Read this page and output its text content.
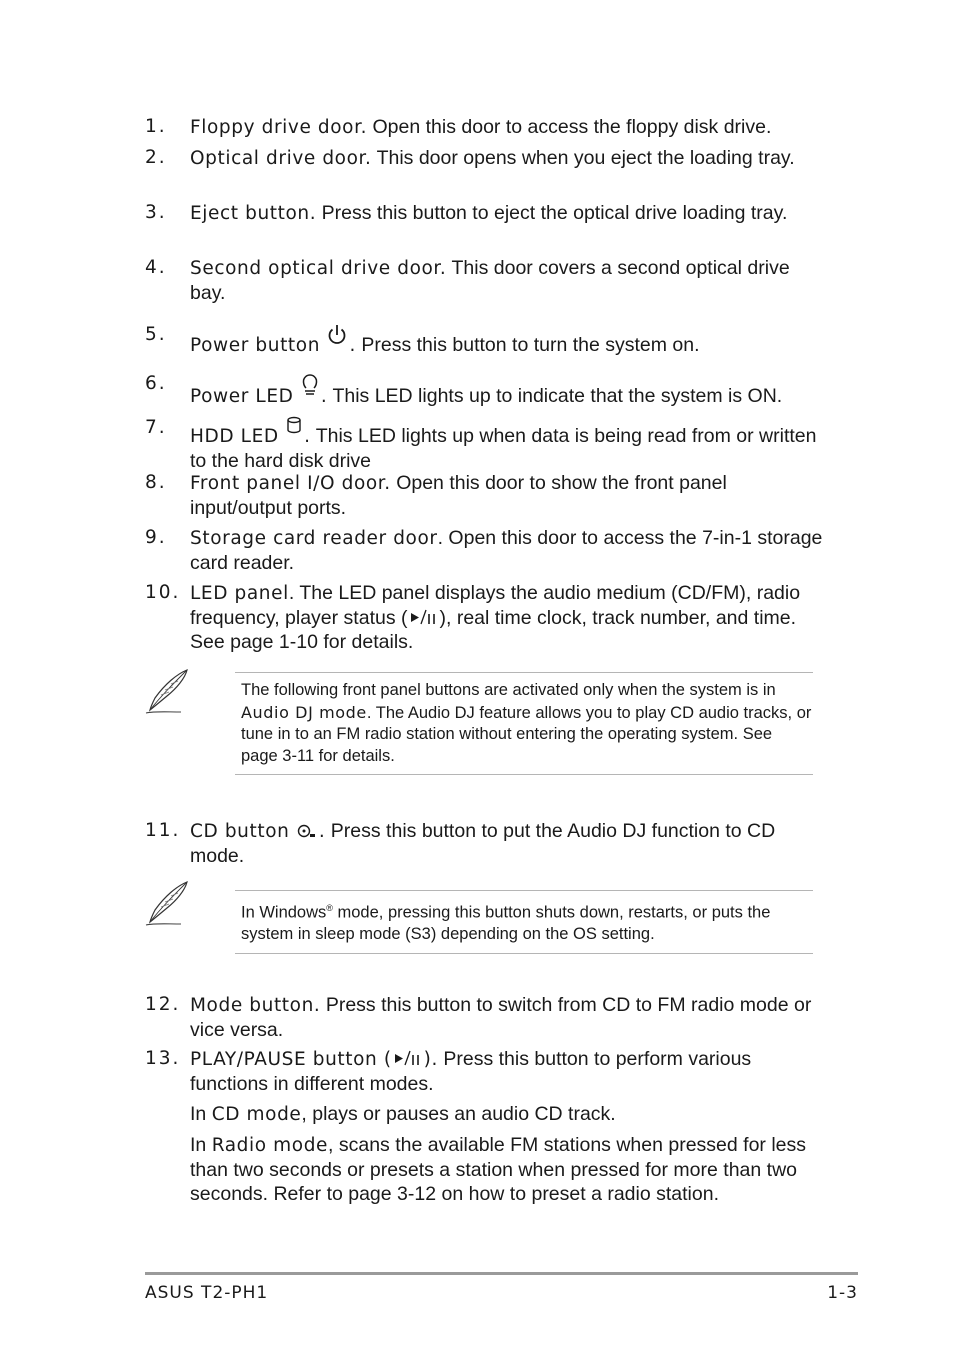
1. Floppy drive door. Open this door to access the floppy disk drive.
2. Optical drive door. This door opens when you eject the loading tray.
3. Eject button. Press this button to eject the optical drive loading tray.
4. Second optical drive door. This door covers a second optical drive bay.
5.
Power button . Press this button to turn the system on.
6.
Power LED . This LED lights up to indicate that the system is ON.
7. HDD LED . This LED lights up when data is being read from or written to the hard disk drive
8. Front panel I/O door. Open this door to show the front panel input/output ports.
9. Storage card reader door. Open this door to access the 7-in-1 storage card reader.
10. LED panel. The LED panel displays the audio medium (CD/FM), radio frequency, player status ( ), real time clock, track number, and time. See page 1-10 for details.
The following front panel buttons are activated only when the system is in Audio DJ mode. The Audio DJ feature allows you to play CD audio tracks, or tune in to an FM radio station without entering the operating system. See page 3-11 for details.
11. CD button . Press this button to put the Audio DJ function to CD mode.
In Windows® mode, pressing this button shuts down, restarts, or puts the system in sleep mode (S3) depending on the OS setting.
12. Mode button. Press this button to switch from CD to FM radio mode or vice versa.
13. PLAY/PAUSE button ( ). Press this button to perform various functions in different modes.
In CD mode, plays or pauses an audio CD track.
In Radio mode, scans the available FM stations when pressed for less than two seconds or presets a station when pressed for more than two seconds. Refer to page 3-12 on how to preset a radio station.
ASUS T2-PH1	1-3
